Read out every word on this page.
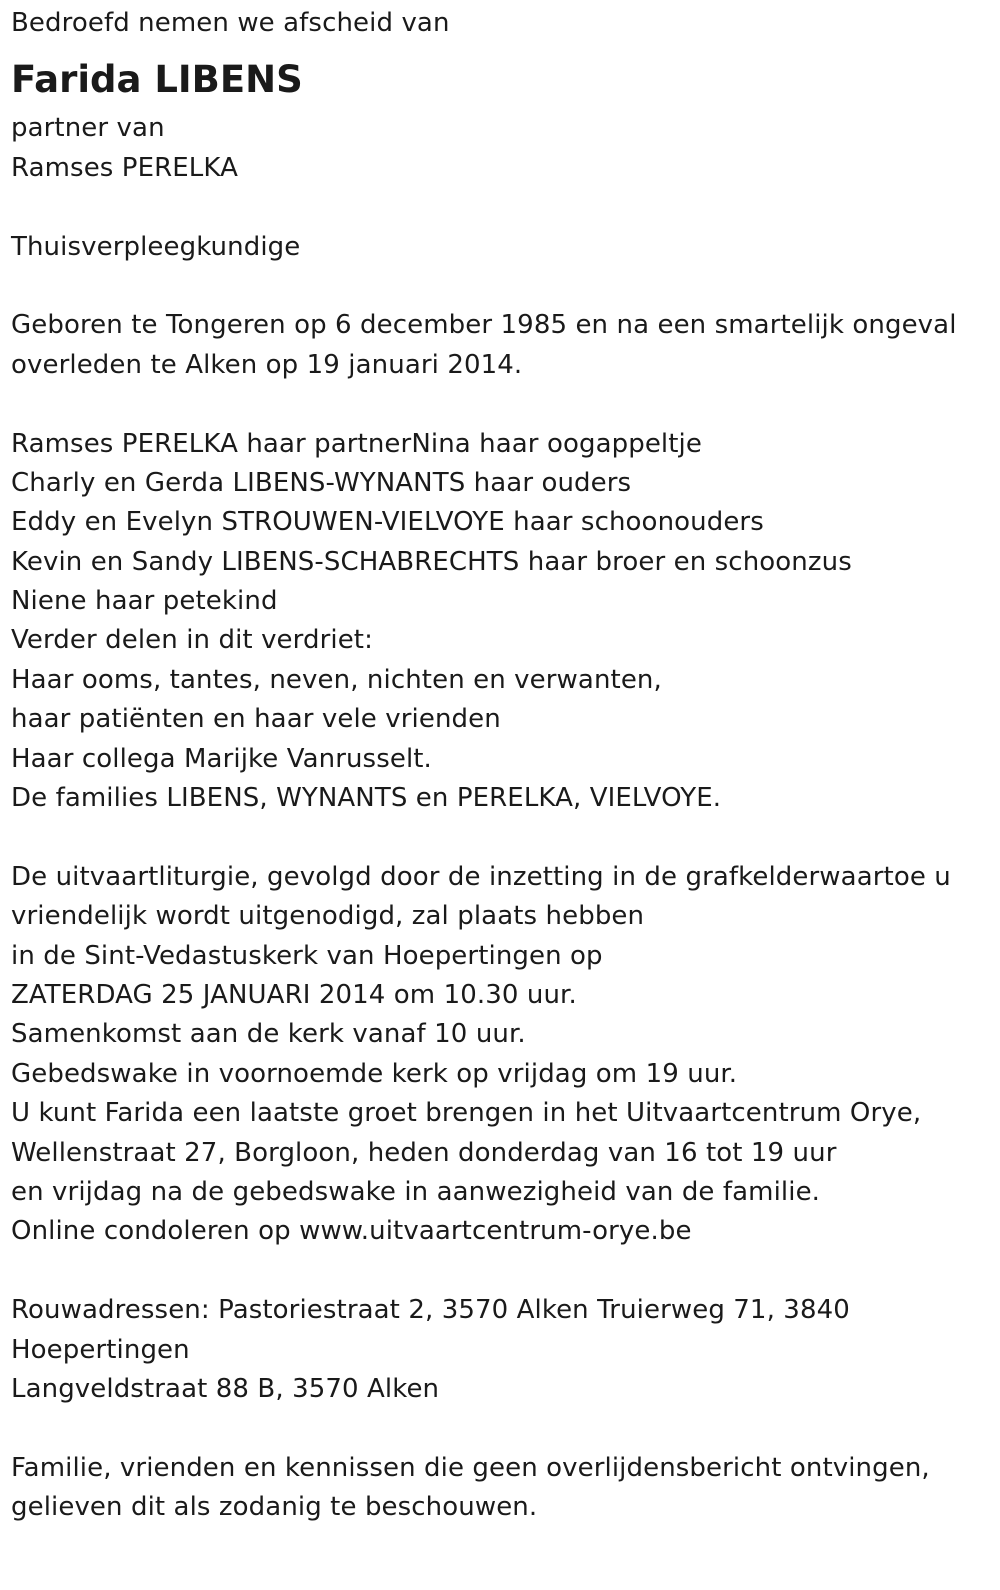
Bedroefd nemen we afscheid van
Farida LIBENS
partner van
Ramses PERELKA
Thuisverpleegkundige
Geboren te Tongeren op 6 december 1985 en na een smartelijk ongeval
overleden te Alken op 19 januari 2014.
Ramses PERELKA haar partnerNina haar oogappeltje
Charly en Gerda LIBENS-WYNANTS haar ouders
Eddy en Evelyn STROUWEN-VIELVOYE haar schoonouders
Kevin en Sandy LIBENS-SCHABRECHTS haar broer en schoonzus
Niene haar petekind
Verder delen in dit verdriet:
Haar ooms, tantes, neven, nichten en verwanten,
haar patiënten en haar vele vrienden
Haar collega Marijke Vanrusselt.
De families LIBENS, WYNANTS en PERELKA, VIELVOYE.
De uitvaartliturgie, gevolgd door de inzetting in de grafkelderwaartoe u
vriendelijk wordt uitgenodigd, zal plaats hebben
in de Sint-Vedastuskerk van Hoepertingen op
ZATERDAG 25 JANUARI 2014 om 10.30 uur.
Samenkomst aan de kerk vanaf 10 uur.
Gebedswake in voornoemde kerk op vrijdag om 19 uur.
U kunt Farida een laatste groet brengen in het Uitvaartcentrum Orye,
Wellenstraat 27, Borgloon, heden donderdag van 16 tot 19 uur
en vrijdag na de gebedswake in aanwezigheid van de familie.
Online condoleren op www.uitvaartcentrum-orye.be
Rouwadressen: Pastoriestraat 2, 3570 Alken Truierweg 71, 3840
Hoepertingen
Langveldstraat 88 B, 3570 Alken
Familie, vrienden en kennissen die geen overlijdensbericht ontvingen,
gelieven dit als zodanig te beschouwen.
